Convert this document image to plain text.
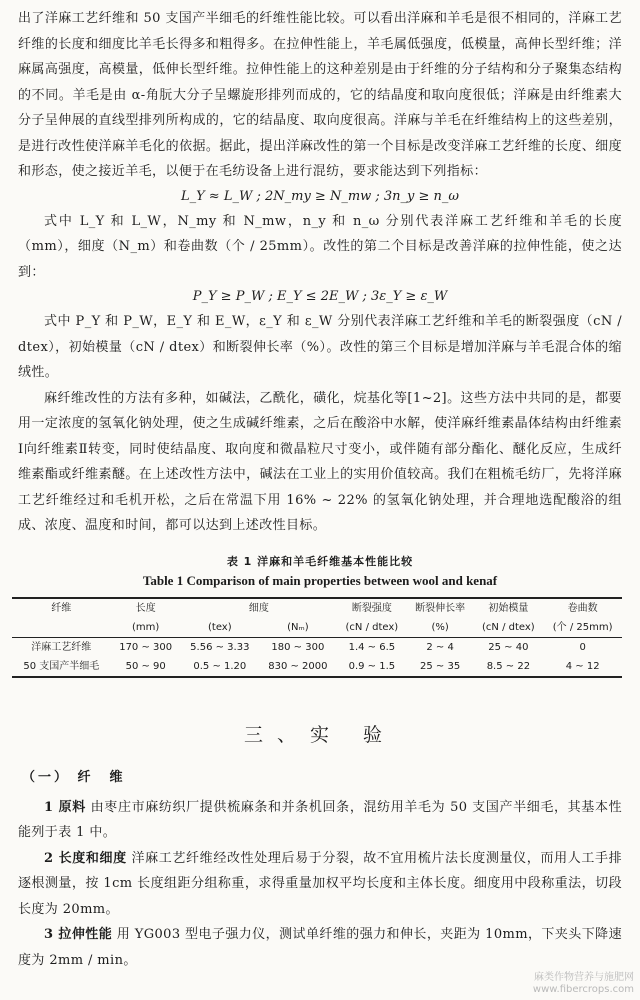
出了洋麻工艺纤维和 50 支国产半细毛的纤维性能比较。可以看出洋麻和羊毛是很不相同的，洋麻工艺纤维的长度和细度比羊毛长得多和粗得多。在拉伸性能上，羊毛属低强度，低模量，高伸长型纤维；洋麻属高强度，高模量，低伸长型纤维。拉伸性能上的这种差别是由于纤维的分子结构和分子聚集态结构的不同。羊毛是由 α-角朊大分子呈螺旋形排列而成的，它的结晶度和取向度很低；洋麻是由纤维素大分子呈伸展的直线型排列所构成的，它的结晶度、取向度很高。洋麻与羊毛在纤维结构上的这些差别，是进行改性使洋麻羊毛化的依据。据此，提出洋麻改性的第一个目标是改变洋麻工艺纤维的长度、细度和形态，使之接近羊毛，以便于在毛纺设备上进行混纺，要求能达到下列指标：

L_Y ≈ L_W ; 2N_my ≥ N_mw ; 3n_y ≥ n_ω

式中 L_Y 和 L_W，N_my 和 N_mw，n_y 和 n_ω 分别代表洋麻工艺纤维和羊毛的长度（mm），细度（N_m）和卷曲数（个 / 25mm）。改性的第二个目标是改善洋麻的拉伸性能，使之达到：

P_Y ≥ P_W ; E_Y ≤ 2E_W ; 3ε_Y ≥ ε_W

式中 P_Y 和 P_W，E_Y 和 E_W，ε_Y 和 ε_W 分别代表洋麻工艺纤维和羊毛的断裂强度（cN / dtex），初始模量（cN / dtex）和断裂伸长率（%）。改性的第三个目标是增加洋麻与羊毛混合体的缩绒性。

麻纤维改性的方法有多种，如碱法，乙酰化，磺化，烷基化等[1~2]。这些方法中共同的是，都要用一定浓度的氢氧化钠处理，使之生成碱纤维素，之后在酸浴中水解，使洋麻纤维素晶体结构由纤维素Ⅰ向纤维素Ⅱ转变，同时使结晶度、取向度和微晶粒尺寸变小，或伴随有部分酯化、醚化反应，生成纤维素酯或纤维素醚。在上述改性方法中，碱法在工业上的实用价值较高。我们在粗梳毛纺厂，先将洋麻工艺纤维经过和毛机开松，之后在常温下用 16% ~ 22% 的氢氧化钠处理，并合理地选配酸浴的组成、浓度、温度和时间，都可以达到上述改性目标。

表 1 洋麻和羊毛纤维基本性能比较
Table 1 Comparison of main properties between wool and kenaf
纤维	长度	细度		断裂强度	断裂伸长率	初始模量	卷曲数
	(mm)	(tex)	(Nₘ)	(cN / dtex)	(%)	(cN / dtex)	(个 / 25mm)
洋麻工艺纤维	170 ~ 300	5.56 ~ 3.33	180 ~ 300	1.4 ~ 6.5	2 ~ 4	25 ~ 40	0
50 支国产半细毛	50 ~ 90	0.5 ~ 1.20	830 ~ 2000	0.9 ~ 1.5	25 ~ 35	8.5 ~ 22	4 ~ 12
三、实 验
（一） 纤　维

1 原料 由枣庄市麻纺织厂提供梳麻条和并条机回条，混纺用羊毛为 50 支国产半细毛，其基本性能列于表 1 中。

2 长度和细度 洋麻工艺纤维经改性处理后易于分裂，故不宜用梳片法长度测量仪，而用人工手排逐根测量，按 1cm 长度组距分组称重，求得重量加权平均长度和主体长度。细度用中段称重法，切段长度为 20mm。

3 拉伸性能 用 YG003 型电子强力仪，测试单纤维的强力和伸长，夹距为 10mm，下夹头下降速度为 2mm / min。

麻类作物营养与施肥网
www.fibercrops.com
